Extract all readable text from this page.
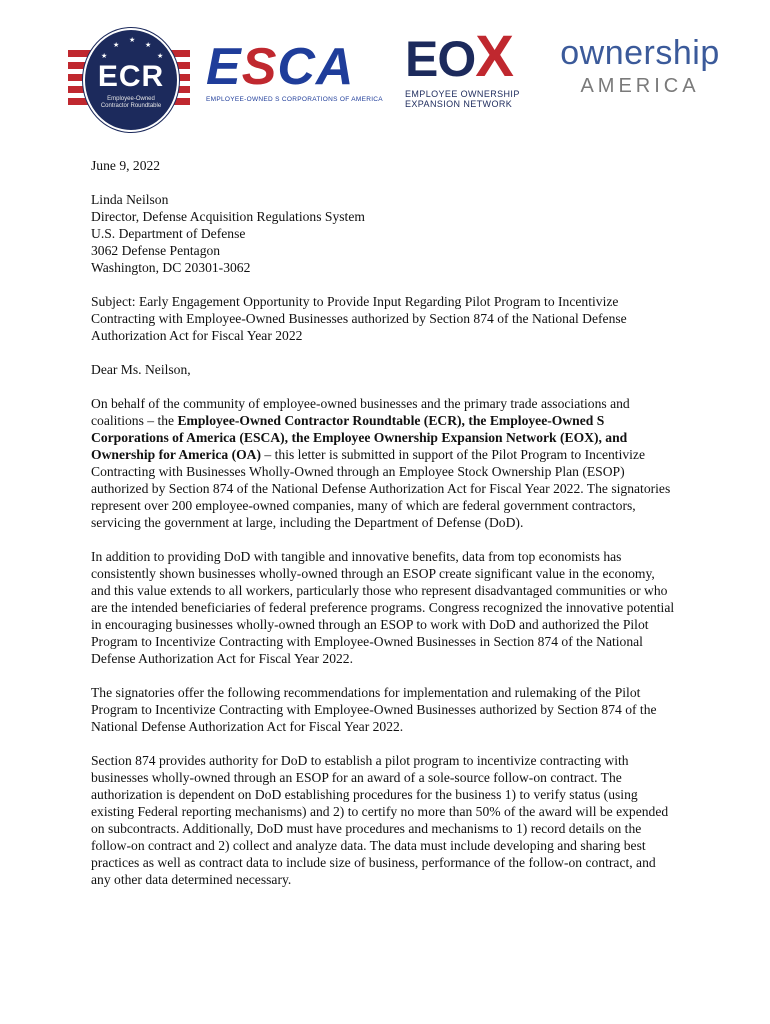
★
★	★
★	★
ECR
Employee-Owned Contractor Roundtable
ESCA
EMPLOYEE-OWNED S CORPORATIONS OF AMERICA
EOX
EMPLOYEE OWNERSHIP
EXPANSION NETWORK
ownership
AMERICA

June 9, 2022

Linda Neilson
Director, Defense Acquisition Regulations System
U.S. Department of Defense
3062 Defense Pentagon
Washington, DC 20301-3062

Subject: Early Engagement Opportunity to Provide Input Regarding Pilot Program to Incentivize Contracting with Employee-Owned Businesses authorized by Section 874 of the National Defense Authorization Act for Fiscal Year 2022

Dear Ms. Neilson,

On behalf of the community of employee-owned businesses and the primary trade associations and coalitions – the Employee-Owned Contractor Roundtable (ECR), the Employee-Owned S Corporations of America (ESCA), the Employee Ownership Expansion Network (EOX), and Ownership for America (OA) – this letter is submitted in support of the Pilot Program to Incentivize Contracting with Businesses Wholly-Owned through an Employee Stock Ownership Plan (ESOP) authorized by Section 874 of the National Defense Authorization Act for Fiscal Year 2022. The signatories represent over 200 employee-owned companies, many of which are federal government contractors, servicing the government at large, including the Department of Defense (DoD).

In addition to providing DoD with tangible and innovative benefits, data from top economists has consistently shown businesses wholly-owned through an ESOP create significant value in the economy, and this value extends to all workers, particularly those who represent disadvantaged communities or who are the intended beneficiaries of federal preference programs. Congress recognized the innovative potential in encouraging businesses wholly-owned through an ESOP to work with DoD and authorized the Pilot Program to Incentivize Contracting with Employee-Owned Businesses in Section 874 of the National Defense Authorization Act for Fiscal Year 2022.

The signatories offer the following recommendations for implementation and rulemaking of the Pilot Program to Incentivize Contracting with Employee-Owned Businesses authorized by Section 874 of the National Defense Authorization Act for Fiscal Year 2022.

Section 874 provides authority for DoD to establish a pilot program to incentivize contracting with businesses wholly-owned through an ESOP for an award of a sole-source follow-on contract. The authorization is dependent on DoD establishing procedures for the business 1) to verify status (using existing Federal reporting mechanisms) and 2) to certify no more than 50% of the award will be expended on subcontracts. Additionally, DoD must have procedures and mechanisms to 1) record details on the follow-on contract and 2) collect and analyze data. The data must include developing and sharing best practices as well as contract data to include size of business, performance of the follow-on contract, and any other data determined necessary.
